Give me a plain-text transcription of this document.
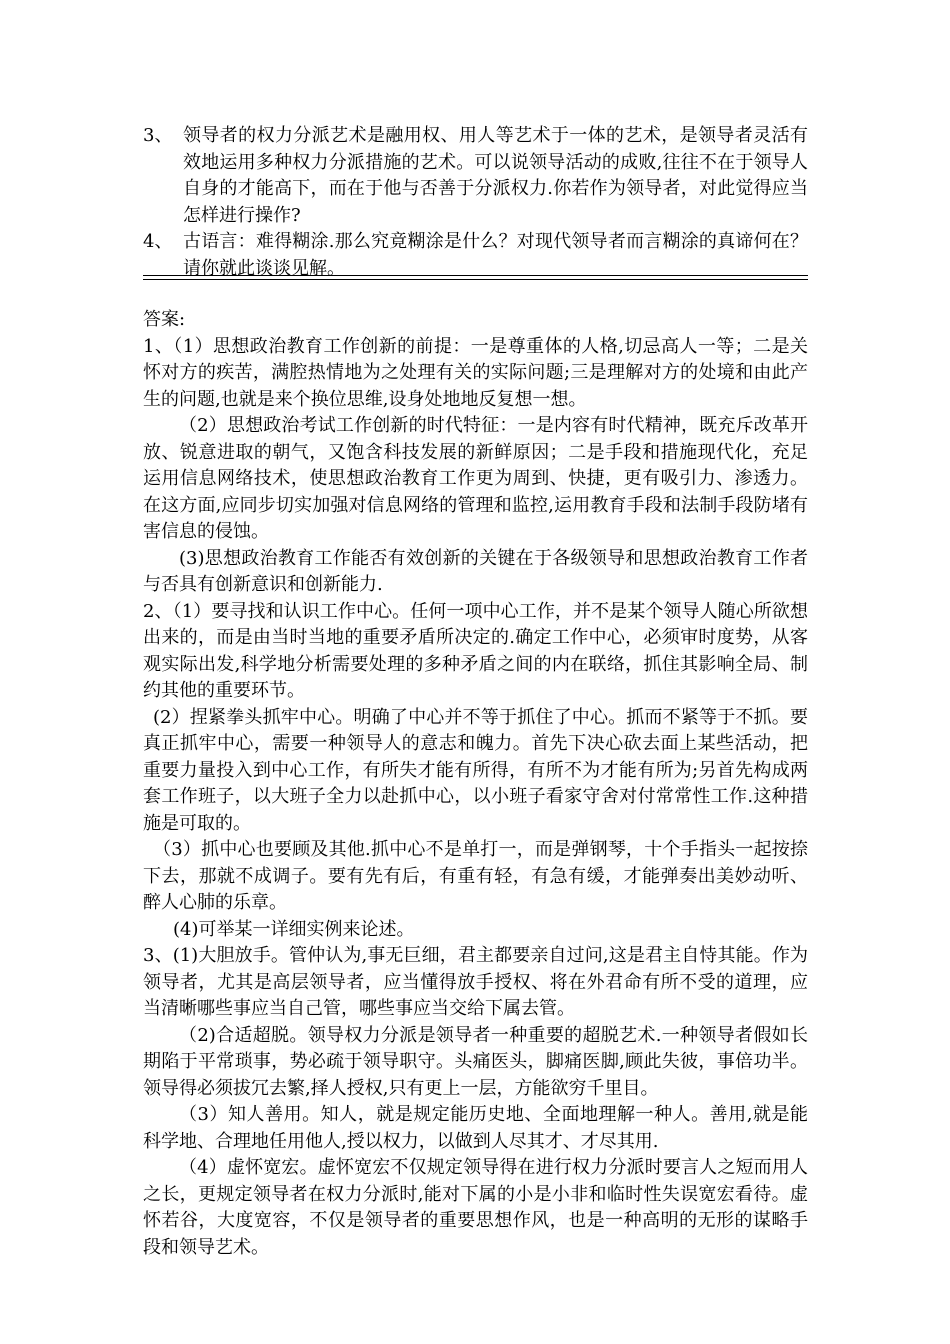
3、 领导者的权力分派艺术是融用权、用人等艺术于一体的艺术，是领导者灵活有效地运用多种权力分派措施的艺术。可以说领导活动的成败,往往不在于领导人自身的才能高下，而在于他与否善于分派权力.你若作为领导者，对此觉得应当怎样进行操作?
4、 古语言：难得糊涂.那么究竟糊涂是什么？对现代领导者而言糊涂的真谛何在？请你就此谈谈见解。

答案:

1、（1）思想政治教育工作创新的前提：一是尊重体的人格,切忌高人一等；二是关怀对方的疾苦，满腔热情地为之处理有关的实际问题;三是理解对方的处境和由此产生的问题,也就是来个换位思维,设身处地地反复想一想。

（2）思想政治考试工作创新的时代特征：一是内容有时代精神，既充斥改革开放、锐意进取的朝气，又饱含科技发展的新鲜原因；二是手段和措施现代化，充足运用信息网络技术，使思想政治教育工作更为周到、快捷，更有吸引力、渗透力。在这方面,应同步切实加强对信息网络的管理和监控,运用教育手段和法制手段防堵有害信息的侵蚀。

(3)思想政治教育工作能否有效创新的关键在于各级领导和思想政治教育工作者与否具有创新意识和创新能力.

2、（1）要寻找和认识工作中心。任何一项中心工作，并不是某个领导人随心所欲想出来的，而是由当时当地的重要矛盾所决定的.确定工作中心，必须审时度势，从客观实际出发,科学地分析需要处理的多种矛盾之间的内在联络，抓住其影响全局、制约其他的重要环节。

(2）捏紧拳头抓牢中心。明确了中心并不等于抓住了中心。抓而不紧等于不抓。要真正抓牢中心，需要一种领导人的意志和魄力。首先下决心砍去面上某些活动，把重要力量投入到中心工作，有所失才能有所得，有所不为才能有所为;另首先构成两套工作班子，以大班子全力以赴抓中心，以小班子看家守舍对付常常性工作.这种措施是可取的。

（3）抓中心也要顾及其他.抓中心不是单打一，而是弹钢琴，十个手指头一起按捺下去，那就不成调子。要有先有后，有重有轻，有急有缓，才能弹奏出美妙动听、醉人心肺的乐章。

(4)可举某一详细实例来论述。

3、(1)大胆放手。管仲认为,事无巨细，君主都要亲自过问,这是君主自恃其能。作为领导者，尤其是高层领导者，应当懂得放手授权、将在外君命有所不受的道理，应当清晰哪些事应当自己管，哪些事应当交给下属去管。

（2)合适超脱。领导权力分派是领导者一种重要的超脱艺术.一种领导者假如长期陷于平常琐事，势必疏于领导职守。头痛医头，脚痛医脚,顾此失彼，事倍功半。领导得必须拔冗去繁,择人授权,只有更上一层，方能欲穷千里目。

（3）知人善用。知人，就是规定能历史地、全面地理解一种人。善用,就是能科学地、合理地任用他人,授以权力，以做到人尽其才、才尽其用.

（4）虚怀宽宏。虚怀宽宏不仅规定领导得在进行权力分派时要言人之短而用人之长，更规定领导者在权力分派时,能对下属的小是小非和临时性失误宽宏看待。虚怀若谷，大度宽容，不仅是领导者的重要思想作风，也是一种高明的无形的谋略手段和领导艺术。
